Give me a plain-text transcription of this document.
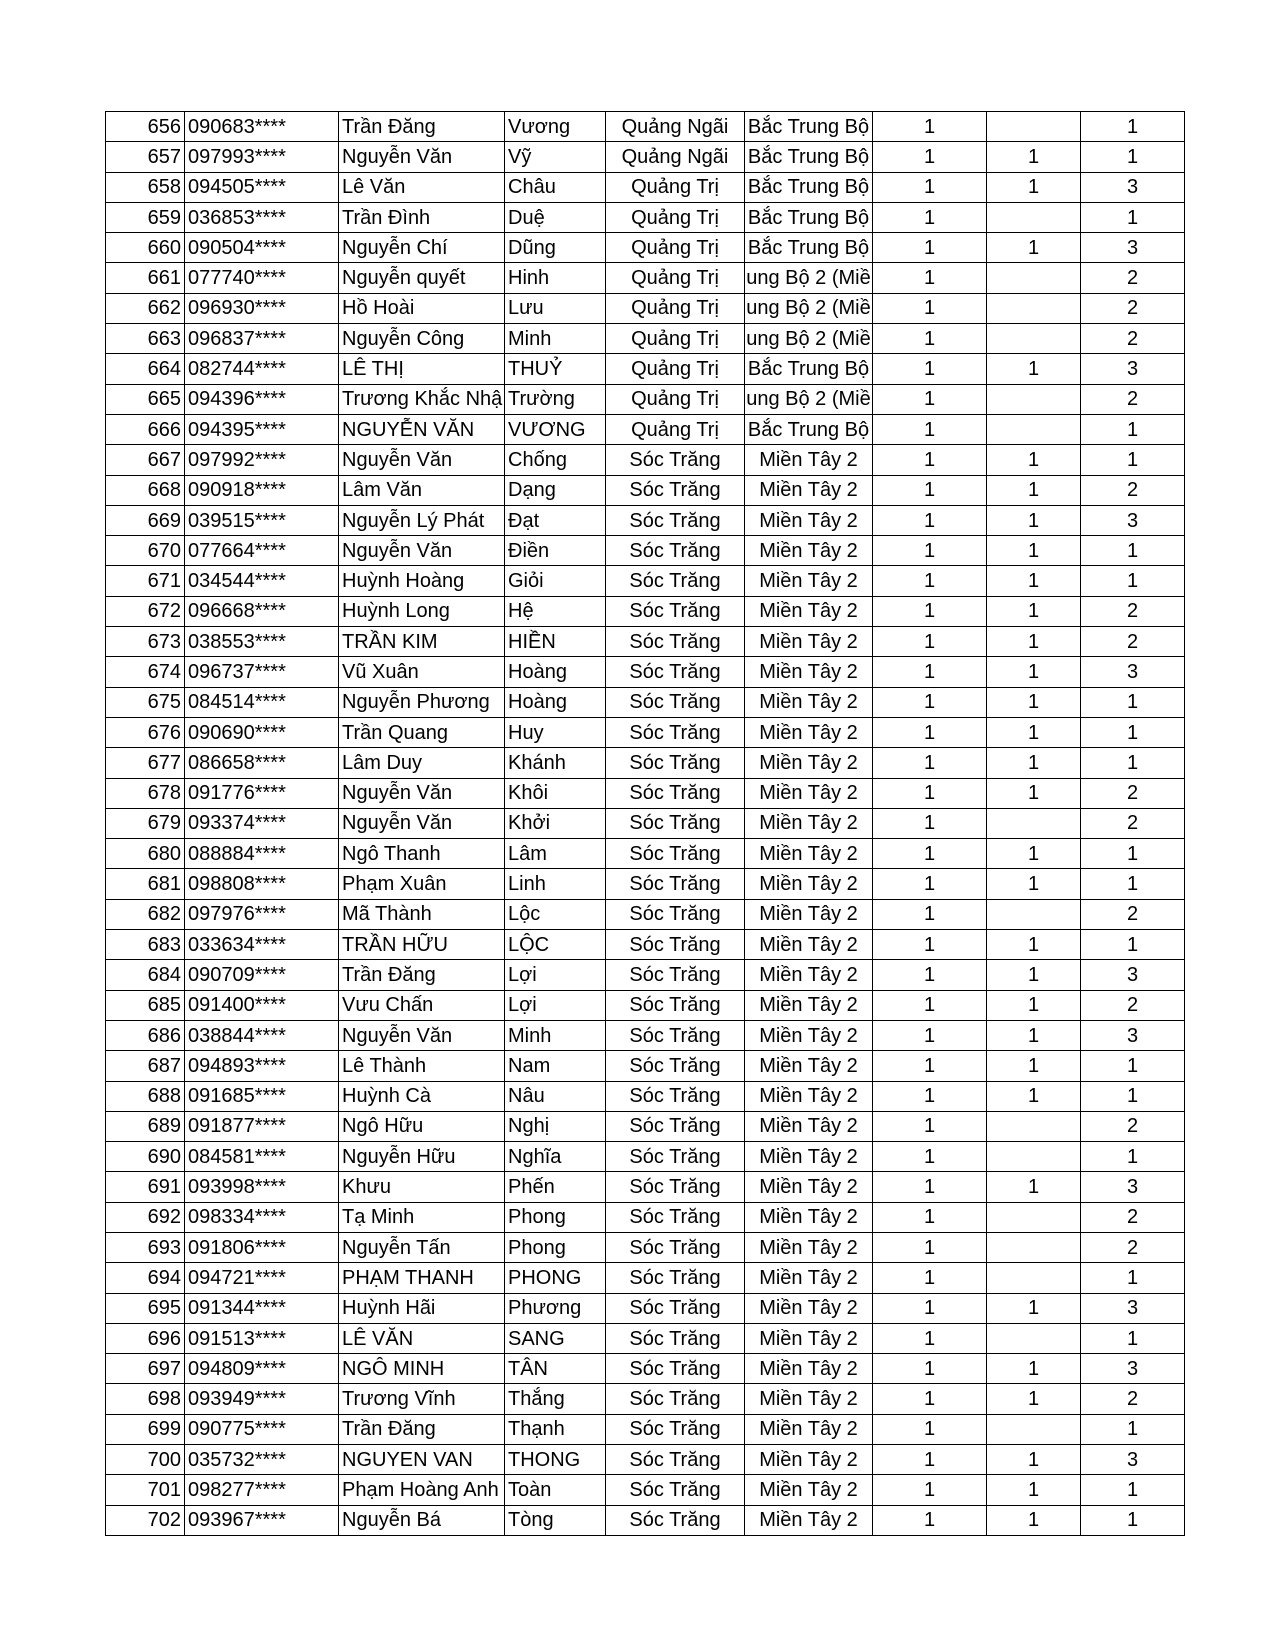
656	090683****	Trần Đăng	Vương	Quảng Ngãi	Bắc Trung Bộ	1		1
657	097993****	Nguyễn Văn	Vỹ	Quảng Ngãi	Bắc Trung Bộ	1	1	1
658	094505****	Lê Văn	Châu	Quảng Trị	Bắc Trung Bộ	1	1	3
659	036853****	Trần Đình	Duệ	Quảng Trị	Bắc Trung Bộ	1		1
660	090504****	Nguyễn Chí	Dũng	Quảng Trị	Bắc Trung Bộ	1	1	3
661	077740****	Nguyễn quyết	Hinh	Quảng Trị	ung Bộ 2 (Miề	1		2
662	096930****	Hồ Hoài	Lưu	Quảng Trị	ung Bộ 2 (Miề	1		2
663	096837****	Nguyễn Công	Minh	Quảng Trị	ung Bộ 2 (Miề	1		2
664	082744****	LÊ THỊ	THUỶ	Quảng Trị	Bắc Trung Bộ	1	1	3
665	094396****	Trương Khắc Nhậ	Trường	Quảng Trị	ung Bộ 2 (Miề	1		2
666	094395****	NGUYỄN VĂN	VƯƠNG	Quảng Trị	Bắc Trung Bộ	1		1
667	097992****	Nguyễn Văn	Chống	Sóc Trăng	Miền Tây 2	1	1	1
668	090918****	Lâm Văn	Dạng	Sóc Trăng	Miền Tây 2	1	1	2
669	039515****	Nguyễn Lý Phát	Đạt	Sóc Trăng	Miền Tây 2	1	1	3
670	077664****	Nguyễn Văn	Điền	Sóc Trăng	Miền Tây 2	1	1	1
671	034544****	Huỳnh Hoàng	Giỏi	Sóc Trăng	Miền Tây 2	1	1	1
672	096668****	Huỳnh Long	Hệ	Sóc Trăng	Miền Tây 2	1	1	2
673	038553****	TRẦN KIM	HIỀN	Sóc Trăng	Miền Tây 2	1	1	2
674	096737****	Vũ Xuân	Hoàng	Sóc Trăng	Miền Tây 2	1	1	3
675	084514****	Nguyễn Phương	Hoàng	Sóc Trăng	Miền Tây 2	1	1	1
676	090690****	Trần Quang	Huy	Sóc Trăng	Miền Tây 2	1	1	1
677	086658****	Lâm Duy	Khánh	Sóc Trăng	Miền Tây 2	1	1	1
678	091776****	Nguyễn Văn	Khôi	Sóc Trăng	Miền Tây 2	1	1	2
679	093374****	Nguyễn Văn	Khởi	Sóc Trăng	Miền Tây 2	1		2
680	088884****	Ngô Thanh	Lâm	Sóc Trăng	Miền Tây 2	1	1	1
681	098808****	Phạm Xuân	Linh	Sóc Trăng	Miền Tây 2	1	1	1
682	097976****	Mã Thành	Lộc	Sóc Trăng	Miền Tây 2	1		2
683	033634****	TRẦN HỮU	LỘC	Sóc Trăng	Miền Tây 2	1	1	1
684	090709****	Trần Đăng	Lợi	Sóc Trăng	Miền Tây 2	1	1	3
685	091400****	Vưu Chấn	Lợi	Sóc Trăng	Miền Tây 2	1	1	2
686	038844****	Nguyễn Văn	Minh	Sóc Trăng	Miền Tây 2	1	1	3
687	094893****	Lê Thành	Nam	Sóc Trăng	Miền Tây 2	1	1	1
688	091685****	Huỳnh Cà	Nâu	Sóc Trăng	Miền Tây 2	1	1	1
689	091877****	Ngô Hữu	Nghị	Sóc Trăng	Miền Tây 2	1		2
690	084581****	Nguyễn Hữu	Nghĩa	Sóc Trăng	Miền Tây 2	1		1
691	093998****	Khưu	Phến	Sóc Trăng	Miền Tây 2	1	1	3
692	098334****	Tạ Minh	Phong	Sóc Trăng	Miền Tây 2	1		2
693	091806****	Nguyễn Tấn	Phong	Sóc Trăng	Miền Tây 2	1		2
694	094721****	PHẠM THANH	PHONG	Sóc Trăng	Miền Tây 2	1		1
695	091344****	Huỳnh Hãi	Phương	Sóc Trăng	Miền Tây 2	1	1	3
696	091513****	LÊ VĂN	SANG	Sóc Trăng	Miền Tây 2	1		1
697	094809****	NGÔ MINH	TÂN	Sóc Trăng	Miền Tây 2	1	1	3
698	093949****	Trương Vĩnh	Thắng	Sóc Trăng	Miền Tây 2	1	1	2
699	090775****	Trần Đăng	Thạnh	Sóc Trăng	Miền Tây 2	1		1
700	035732****	NGUYEN VAN	THONG	Sóc Trăng	Miền Tây 2	1	1	3
701	098277****	Phạm Hoàng Anh	Toàn	Sóc Trăng	Miền Tây 2	1	1	1
702	093967****	Nguyễn Bá	Tòng	Sóc Trăng	Miền Tây 2	1	1	1
